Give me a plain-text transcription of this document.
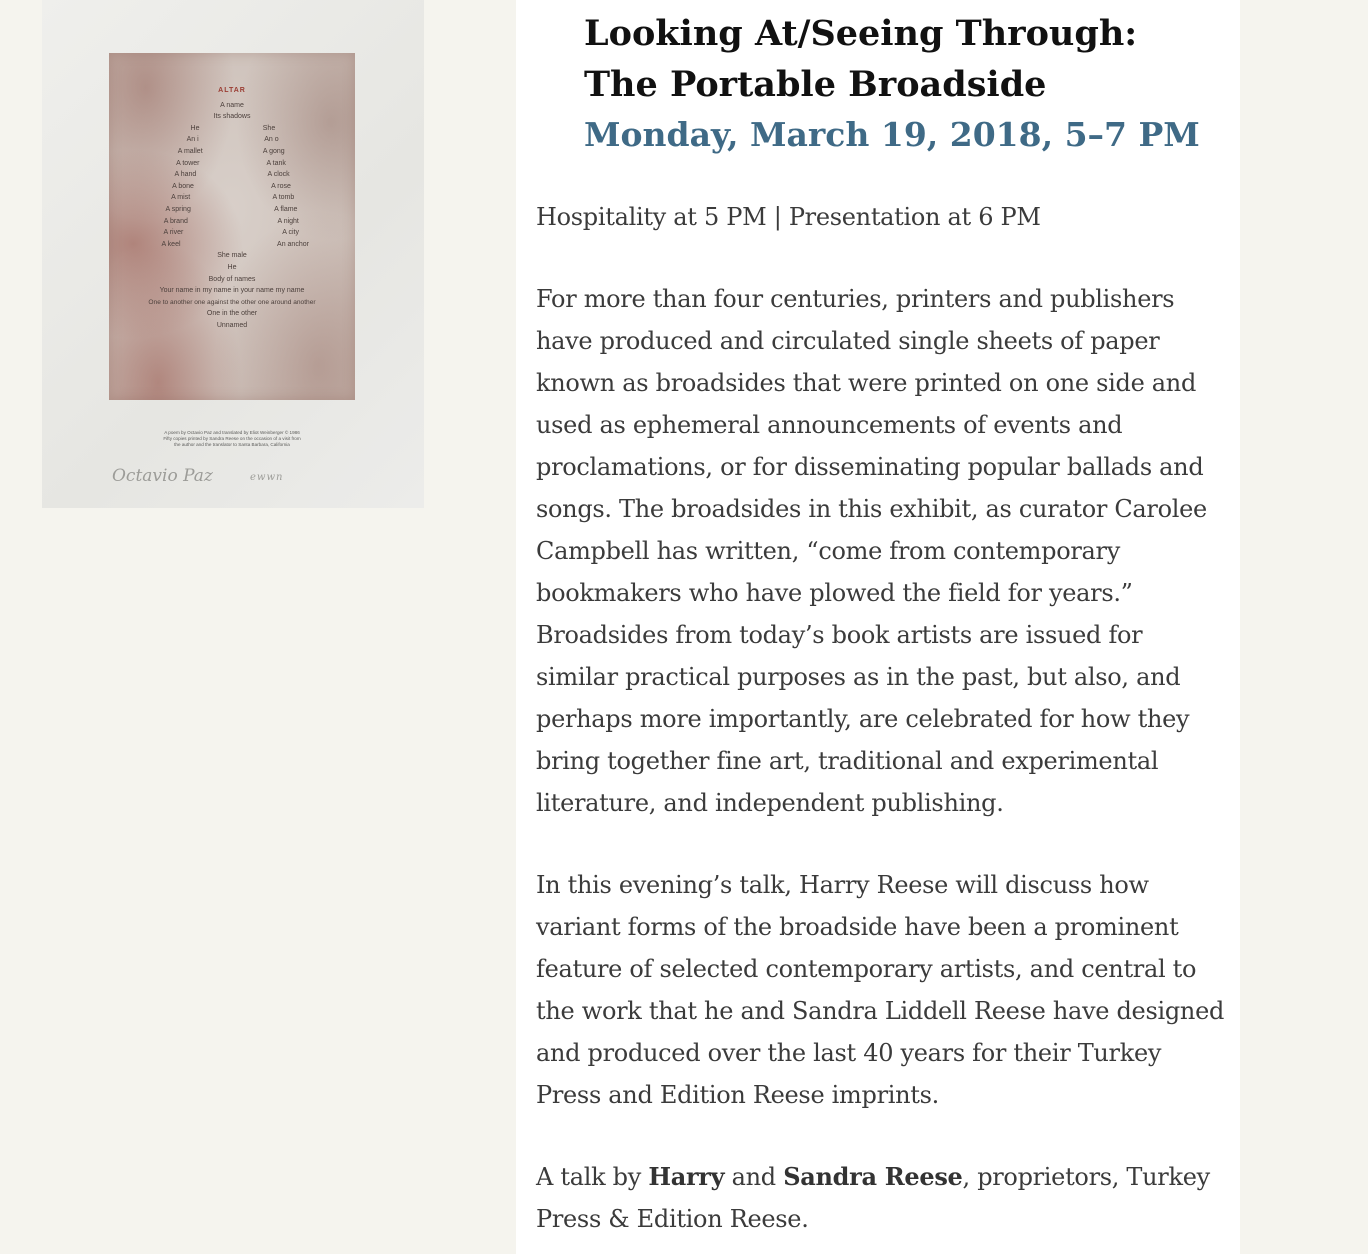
ALTAR
A name
Its shadows
He	She
An i	An o
A mallet	A gong
A tower	A tank
A hand	A clock
A bone	A rose
A mist	A tomb
A spring	A flame
A brand	A night
A river	A city
A keel	An anchor
She male
He
Body of names
Your name in my name in your name my name
One to another one against the other one around another
One in the other
Unnamed
A poem by Octavio Paz and translated by Eliot Weinberger © 1986
Fifty copies printed by Sandra Reese on the occasion of a visit from
the author and the translator to Santa Barbara, California
Octavio Paz	ewwn
Looking At/Seeing Through: The Portable Broadside
Monday, March 19, 2018, 5–7 PM

Hospitality at 5 PM | Presentation at 6 PM

For more than four centuries, printers and publishers have produced and circulated single sheets of paper known as broadsides that were printed on one side and used as ephemeral announcements of events and proclamations, or for disseminating popular ballads and songs. The broadsides in this exhibit, as curator Carolee Campbell has written, “come from contemporary bookmakers who have plowed the field for years.” Broadsides from today’s book artists are issued for similar practical purposes as in the past, but also, and perhaps more importantly, are celebrated for how they bring together fine art, traditional and experimental literature, and independent publishing.

In this evening’s talk, Harry Reese will discuss how variant forms of the broadside have been a prominent feature of selected contemporary artists, and central to the work that he and Sandra Liddell Reese have designed and produced over the last 40 years for their Turkey Press and Edition Reese imprints.

A talk by Harry and Sandra Reese, proprietors, Turkey Press & Edition Reese.
